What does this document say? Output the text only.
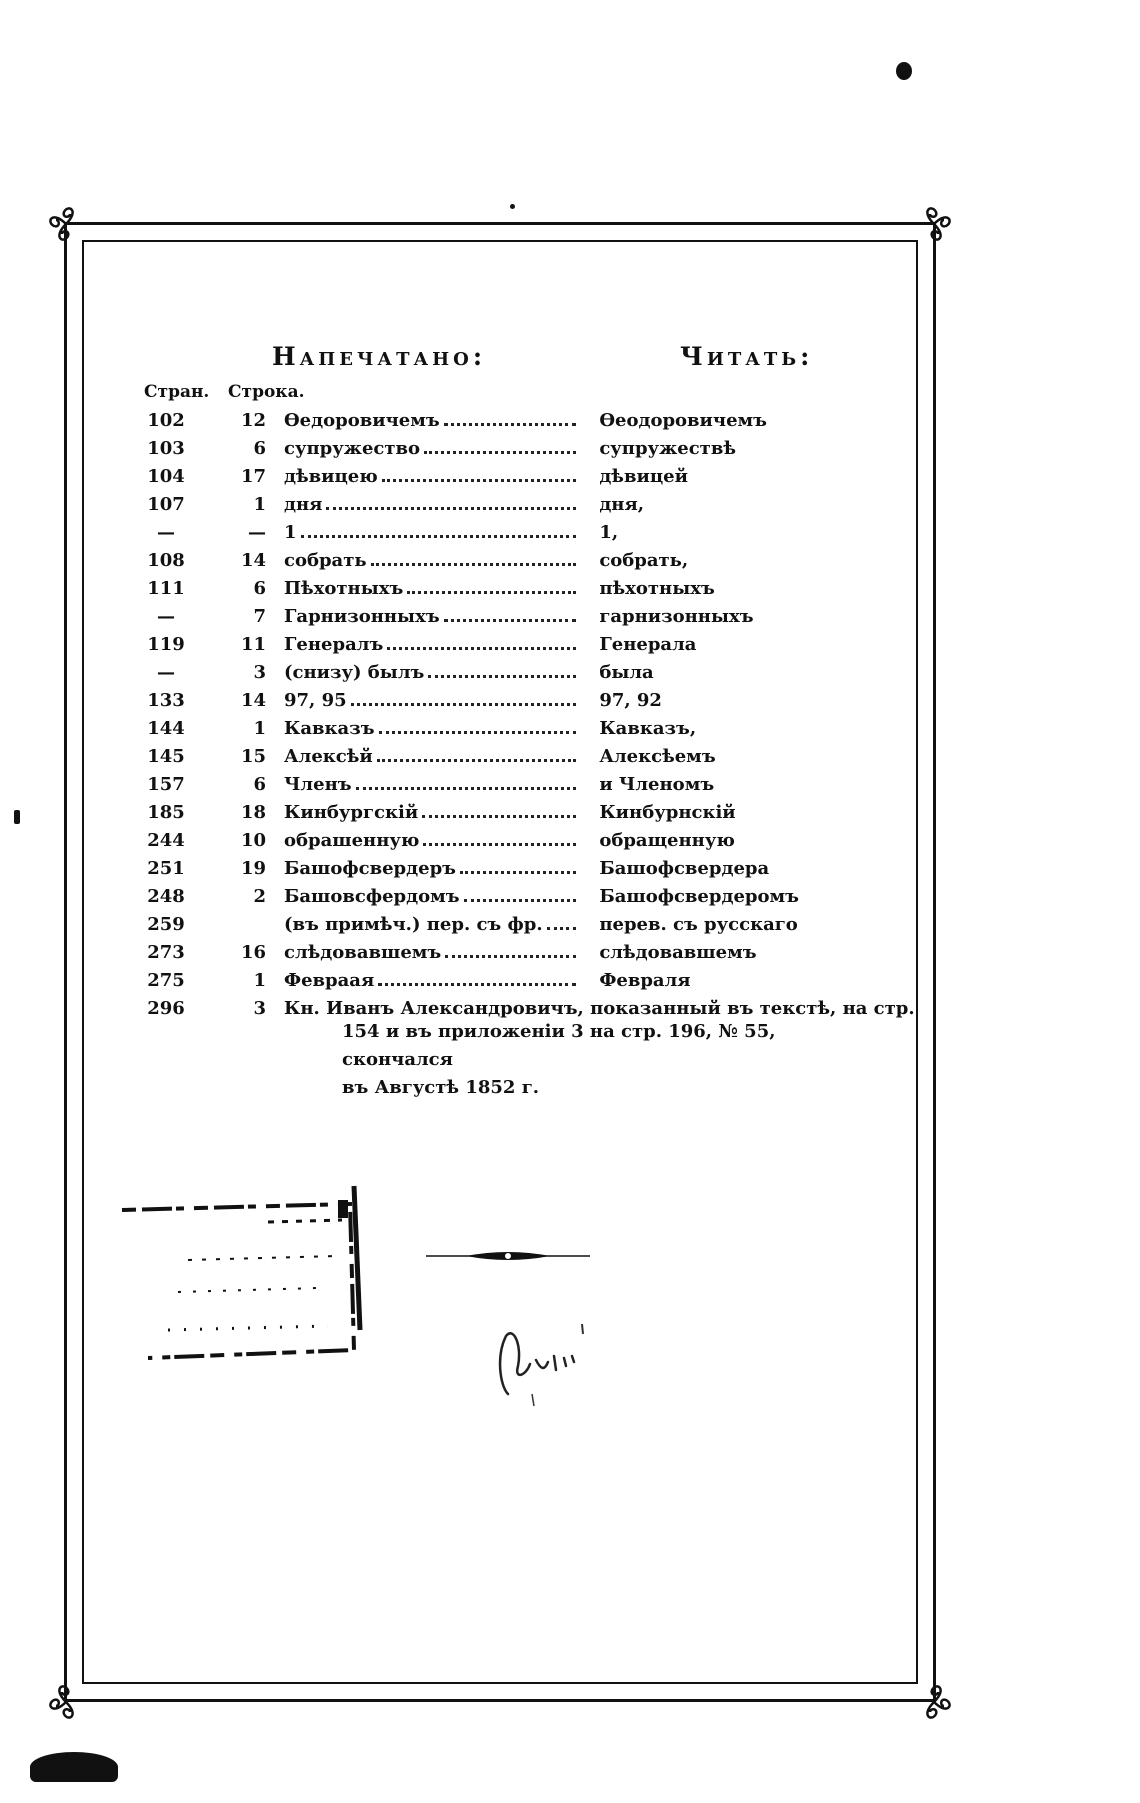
Напечатано:	Читать:
Стран. Строка.
102	12	Өедоровичемъ	Өеодоровичемъ
103	6	супружество	супружествѣ
104	17	дѣвицею	дѣвицей
107	1	дня	дня,
—	—	1	1,
108	14	собрать	собрать,
111	6	Пѣхотныхъ	пѣхотныхъ
—	7	Гарнизонныхъ	гарнизонныхъ
119	11	Генералъ	Генерала
—	3	(снизу) былъ	была
133	14	97, 95	97, 92
144	1	Кавказъ	Кавказъ,
145	15	Алексѣй	Алексѣемъ
157	6	Членъ	и Членомъ
185	18	Кинбургскій	Кинбурнскій
244	10	обрашенную	обращенную
251	19	Башофсвердеръ	Башофсвердера
248	2	Башовсфердомъ	Башофсвердеромъ
259		(въ примѣч.) пер. съ фр.	перев. съ русскаго
273	16	слѣдовавшемъ	слѣдовавшемъ
275	1	Февраая	Февраля
296	3	Кн. Иванъ Александровичъ, показанный въ текстѣ, на стр.	
154 и въ приложеніи 3 на стр. 196, № 55, скончался
въ Августѣ 1852 г.
